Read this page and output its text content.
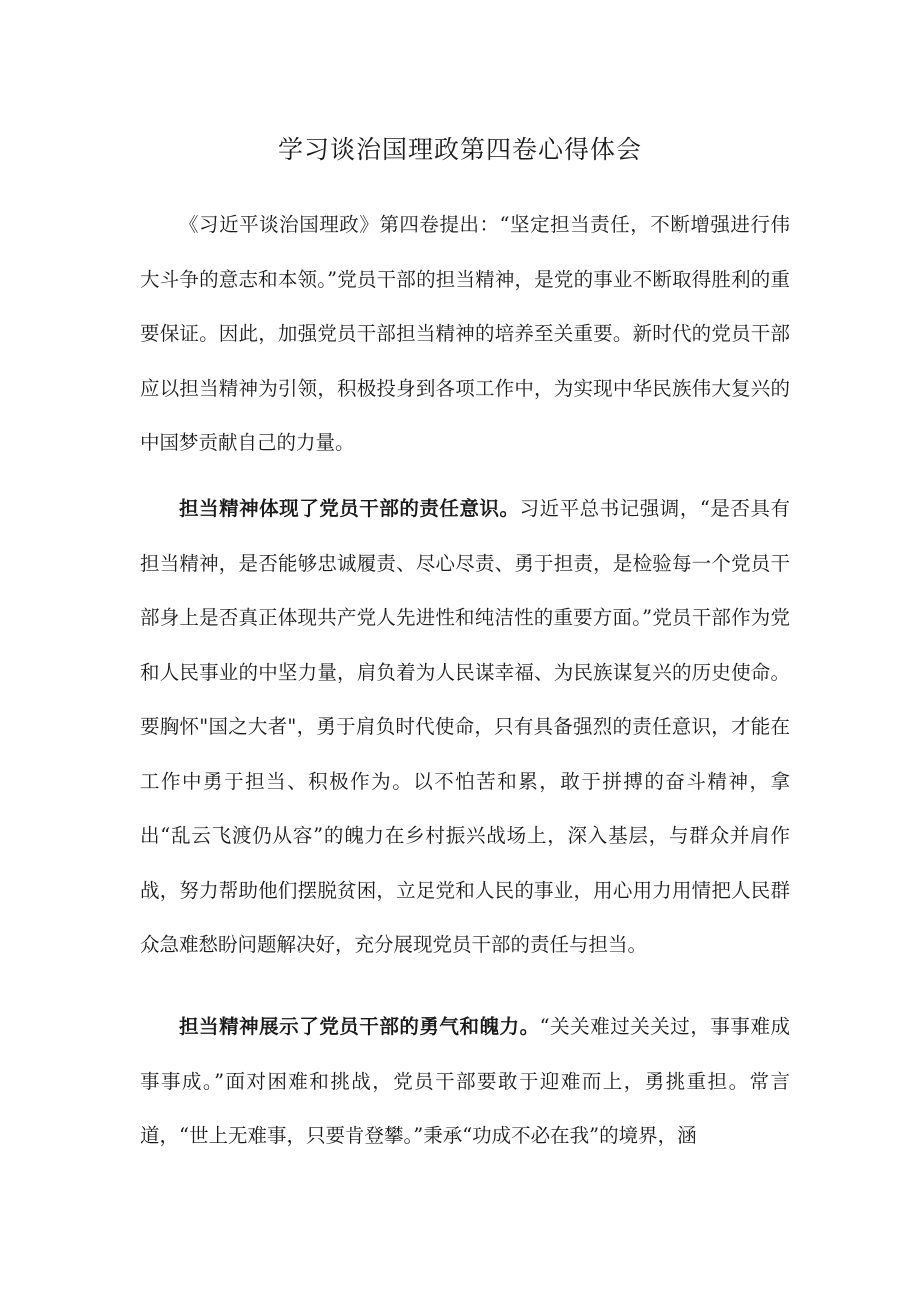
学习谈治国理政第四卷心得体会

《习近平谈治国理政》第四卷提出：“坚定担当责任，不断增强进行伟大斗争的意志和本领。”党员干部的担当精神，是党的事业不断取得胜利的重要保证。因此，加强党员干部担当精神的培养至关重要。新时代的党员干部应以担当精神为引领，积极投身到各项工作中，为实现中华民族伟大复兴的中国梦贡献自己的力量。

担当精神体现了党员干部的责任意识。习近平总书记强调，“是否具有担当精神，是否能够忠诚履责、尽心尽责、勇于担责，是检验每一个党员干部身上是否真正体现共产党人先进性和纯洁性的重要方面。”党员干部作为党和人民事业的中坚力量，肩负着为人民谋幸福、为民族谋复兴的历史使命。要胸怀"国之大者"，勇于肩负时代使命，只有具备强烈的责任意识，才能在工作中勇于担当、积极作为。以不怕苦和累，敢于拼搏的奋斗精神，拿出“乱云飞渡仍从容”的魄力在乡村振兴战场上，深入基层，与群众并肩作战，努力帮助他们摆脱贫困，立足党和人民的事业，用心用力用情把人民群众急难愁盼问题解决好，充分展现党员干部的责任与担当。

担当精神展示了党员干部的勇气和魄力。“关关难过关关过，事事难成事事成。”面对困难和挑战，党员干部要敢于迎难而上，勇挑重担。常言道，“世上无难事，只要肯登攀。”秉承“功成不必在我”的境界，涵
